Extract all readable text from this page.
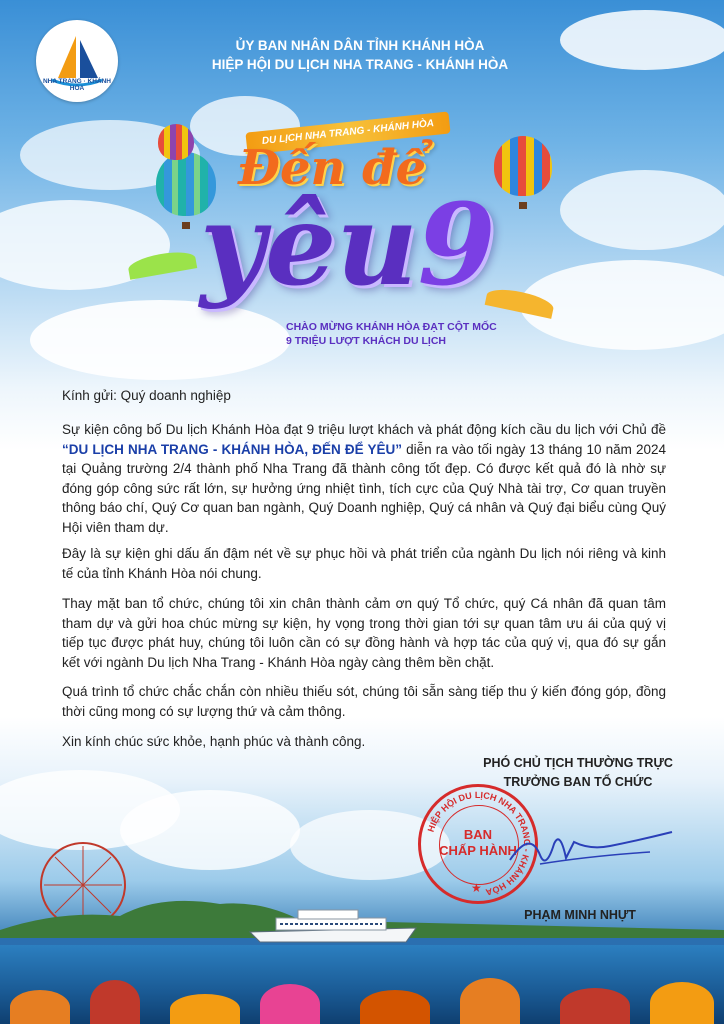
NHA TRANG · KHÁNH HÒA
ỦY BAN NHÂN DÂN TỈNH KHÁNH HÒA
HIỆP HỘI DU LỊCH NHA TRANG - KHÁNH HÒA
DU LỊCH NHA TRANG - KHÁNH HÒA
Đến để
yêu9
CHÀO MỪNG KHÁNH HÒA ĐẠT CỘT MỐC
9 TRIỆU LƯỢT KHÁCH DU LỊCH
Kính gửi: Quý doanh nghiệp
Sự kiện công bố Du lịch Khánh Hòa đạt 9 triệu lượt khách và phát động kích cầu du lịch với Chủ đề “DU LỊCH NHA TRANG - KHÁNH HÒA, ĐẾN ĐỂ YÊU” diễn ra vào tối ngày 13 tháng 10 năm 2024 tại Quảng trường 2/4 thành phố Nha Trang đã thành công tốt đẹp. Có được kết quả đó là nhờ sự đóng góp công sức rất lớn, sự hưởng ứng nhiệt tình, tích cực của Quý Nhà tài trợ, Cơ quan truyền thông báo chí, Quý Cơ quan ban ngành, Quý Doanh nghiệp, Quý cá nhân và Quý đại biểu cùng Quý Hội viên tham dự.
Đây là sự kiện ghi dấu ấn đậm nét về sự phục hồi và phát triển của ngành Du lịch nói riêng và kinh tế của tỉnh Khánh Hòa nói chung.
Thay mặt ban tổ chức, chúng tôi xin chân thành cảm ơn quý Tổ chức, quý Cá nhân đã quan tâm tham dự và gửi hoa chúc mừng sự kiện, hy vọng trong thời gian tới sự quan tâm ưu ái của quý vị tiếp tục được phát huy, chúng tôi luôn cần có sự đồng hành và hợp tác của quý vị, qua đó sự gắn kết với ngành Du lịch Nha Trang - Khánh Hòa ngày càng thêm bền chặt.
Quá trình tổ chức chắc chắn còn nhiều thiếu sót, chúng tôi sẵn sàng tiếp thu ý kiến đóng góp, đồng thời cũng mong có sự lượng thứ và cảm thông.
Xin kính chúc sức khỏe, hạnh phúc và thành công.
PHÓ CHỦ TỊCH THƯỜNG TRỰC
TRƯỞNG BAN TỔ CHỨC
HIỆP HỘI DU LỊCH NHA TRANG - KHÁNH HÒA
BAN
CHẤP HÀNH
★
PHẠM MINH NHỰT
